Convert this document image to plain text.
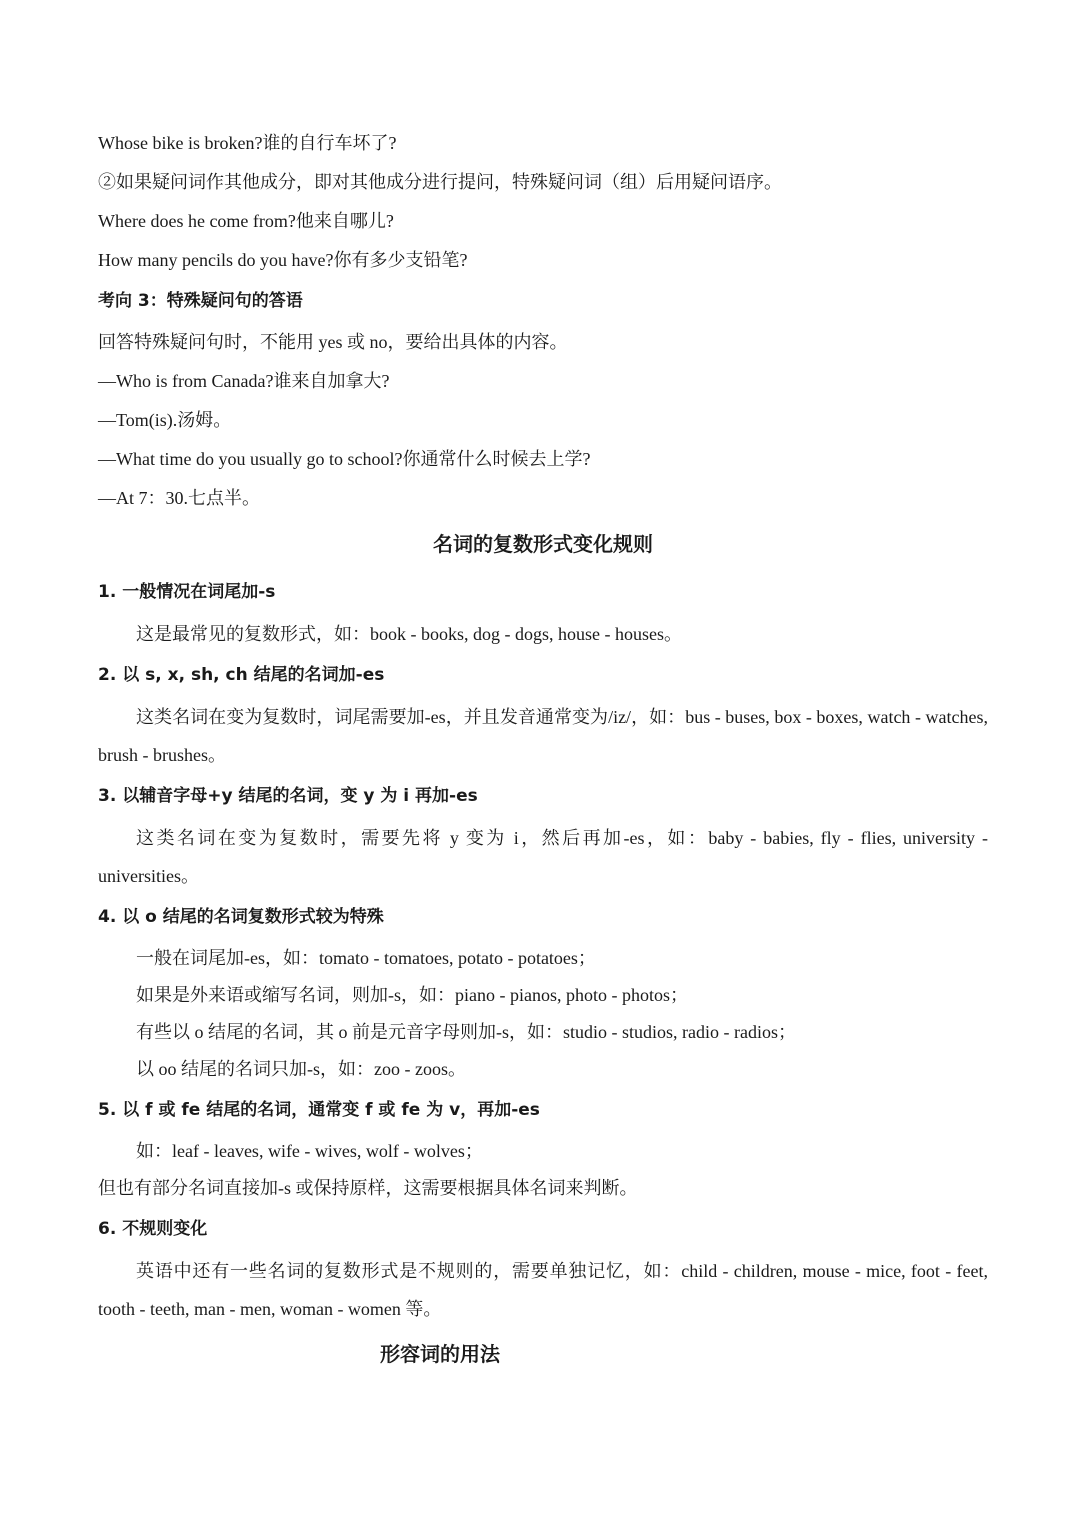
Whose bike is broken?谁的自行车坏了?
②如果疑问词作其他成分，即对其他成分进行提问，特殊疑问词（组）后用疑问语序。
Where does he come from?他来自哪儿?
How many pencils do you have?你有多少支铅笔?
考向 3：特殊疑问句的答语
回答特殊疑问句时，不能用 yes 或 no，要给出具体的内容。
—Who is from Canada?谁来自加拿大?
—Tom(is).汤姆。
—What time do you usually go to school?你通常什么时候去上学?
—At 7：30.七点半。
名词的复数形式变化规则
1. 一般情况在词尾加-s
这是最常见的复数形式，如：book - books, dog - dogs, house - houses。
2. 以 s, x, sh, ch 结尾的名词加-es
这类名词在变为复数时，词尾需要加-es，并且发音通常变为/iz/，如：bus - buses, box - boxes, watch - watches, brush - brushes。
3. 以辅音字母+y 结尾的名词，变 y 为 i 再加-es
这类名词在变为复数时，需要先将 y 变为 i，然后再加-es，如：baby - babies, fly - flies, university - universities。
4. 以 o 结尾的名词复数形式较为特殊
一般在词尾加-es，如：tomato - tomatoes, potato - potatoes；
如果是外来语或缩写名词，则加-s，如：piano - pianos, photo - photos；
有些以 o 结尾的名词，其 o 前是元音字母则加-s，如：studio - studios, radio - radios；
以 oo 结尾的名词只加-s，如：zoo - zoos。
5. 以 f 或 fe 结尾的名词，通常变 f 或 fe 为 v，再加-es
如：leaf - leaves, wife - wives, wolf - wolves；
但也有部分名词直接加-s 或保持原样，这需要根据具体名词来判断。
6. 不规则变化
英语中还有一些名词的复数形式是不规则的，需要单独记忆，如：child - children, mouse - mice, foot - feet, tooth - teeth, man - men, woman - women 等。
形容词的用法
